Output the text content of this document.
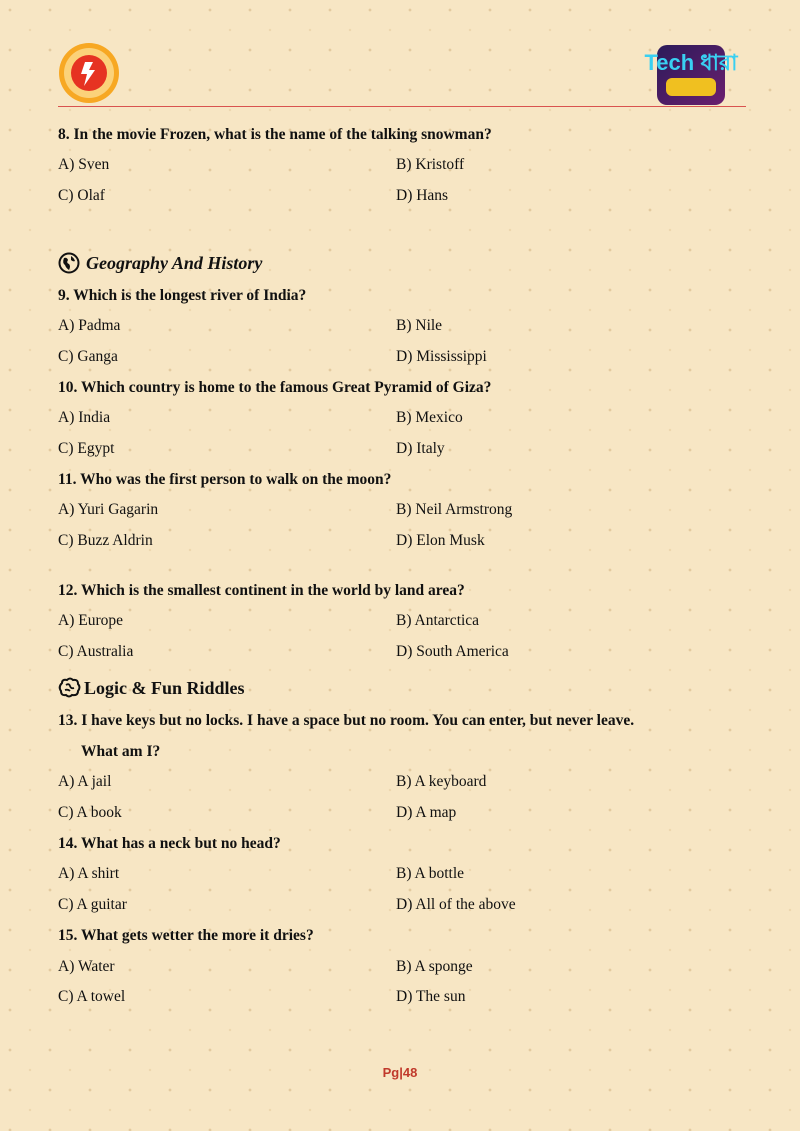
Tech ধারা
8. In the movie Frozen, what is the name of the talking snowman?
A) Sven	B) Kristoff
C) Olaf	D) Hans
Geography And History
9. Which is the longest river of India?
A) Padma	B) Nile
C) Ganga	D) Mississippi
10. Which country is home to the famous Great Pyramid of Giza?
A) India	B) Mexico
C) Egypt	D) Italy
11. Who was the first person to walk on the moon?
A) Yuri Gagarin	B) Neil Armstrong
C) Buzz Aldrin	D) Elon Musk
12. Which is the smallest continent in the world by land area?
A) Europe	B) Antarctica
C) Australia	D) South America
Logic & Fun Riddles
13. I have keys but no locks. I have a space but no room. You can enter, but never leave.
What am I?
A) A jail	B) A keyboard
C) A book	D) A map
14. What has a neck but no head?
A) A shirt	B) A bottle
C) A guitar	D) All of the above
15. What gets wetter the more it dries?
A) Water	B) A sponge
C) A towel	D) The sun
Pg|48
